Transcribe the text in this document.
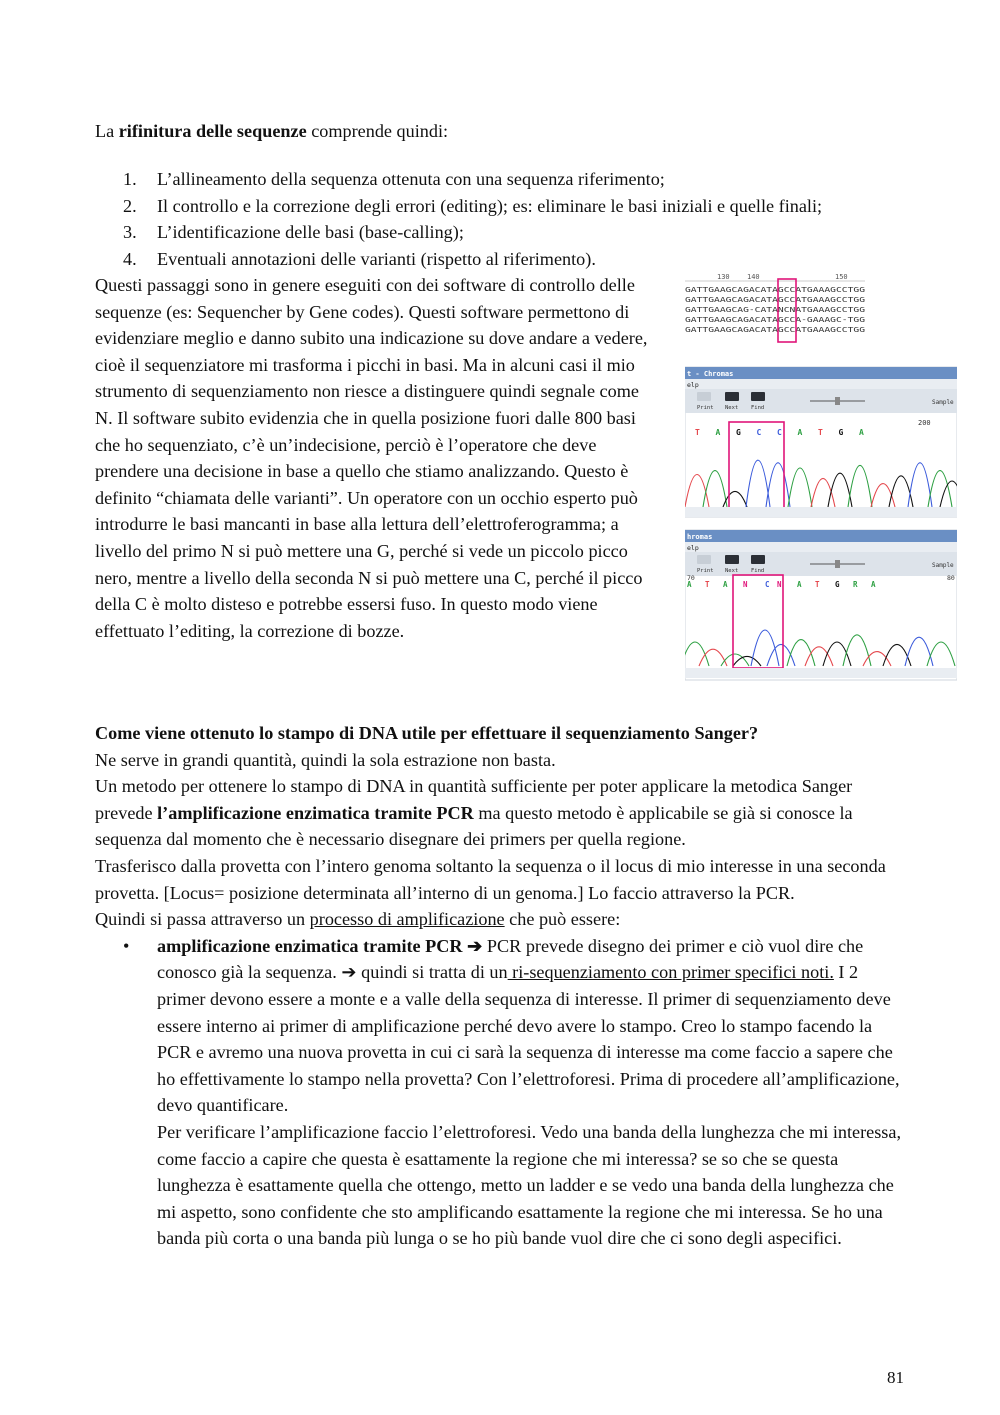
La rifinitura delle sequenze comprende quindi:

1. L’allineamento della sequenza ottenuta con una sequenza riferimento;
2. Il controllo e la correzione degli errori (editing); es: eliminare le basi iniziali e quelle finali;
3. L’identificazione delle basi (base-calling);
4. Eventuali annotazioni delle varianti (rispetto al riferimento).

Questi passaggi sono in genere eseguiti con dei software di controllo delle sequenze (es: Sequencher by Gene codes). Questi software permettono di evidenziare meglio e danno subito una indicazione su dove andare a vedere, cioè il sequenziatore mi trasforma i picchi in basi. Ma in alcuni casi il mio strumento di sequenziamento non riesce a distinguere quindi segnale come N. Il software subito evidenzia che in quella posizione fuori dalle 800 basi che ho sequenziato, c’è un’indecisione, perciò è l’operatore che deve prendere una decisione in base a quello che stiamo analizzando. Questo è definito “chiamata delle varianti”. Un operatore con un occhio esperto può introdurre le basi mancanti in base alla lettura dell’elettroferogramma; a livello del primo N si può mettere una G, perché si vede un piccolo picco nero, mentre a livello della seconda N si può mettere una C, perché il picco della C è molto disteso e potrebbe essersi fuso. In questo modo viene effettuato l’editing, la correzione di bozze.

130 140	150
GATTGAAGCAGACATAGCCATGAAAGCCTGG
GATTGAAGCAGACATAGCCATGAAAGCCTGG
GATTGAAGCAG-CATANCNATGAAAGCCTGG
GATTGAAGCAGACATAGCCA-GAAAGC-TGG
GATTGAAGCAGACATAGCCATGAAAGCCTGG
t - Chromas
elp
Print Next Find
Sample
200
T A G C C A T G A
hromas
elp
Print Next Find
Sample
70	80
A T A N C N A T G R A

Come viene ottenuto lo stampo di DNA utile per effettuare il sequenziamento Sanger?

Ne serve in grandi quantità, quindi la sola estrazione non basta.

Un metodo per ottenere lo stampo di DNA in quantità sufficiente per poter applicare la metodica Sanger prevede l’amplificazione enzimatica tramite PCR ma questo metodo è applicabile se già si conosce la sequenza dal momento che è necessario disegnare dei primers per quella regione.

Trasferisco dalla provetta con l’intero genoma soltanto la sequenza o il locus di mio interesse in una seconda provetta. [Locus= posizione determinata all’interno di un genoma.] Lo faccio attraverso la PCR.

Quindi si passa attraverso un processo di amplificazione che può essere:

• amplificazione enzimatica tramite PCR ➔ PCR prevede disegno dei primer e ciò vuol dire che conosco già la sequenza. ➔ quindi si tratta di un ri-sequenziamento con primer specifici noti. I 2 primer devono essere a monte e a valle della sequenza di interesse. Il primer di sequenziamento deve essere interno ai primer di amplificazione perché devo avere lo stampo. Creo lo stampo facendo la PCR e avremo una nuova provetta in cui ci sarà la sequenza di interesse ma come faccio a sapere che ho effettivamente lo stampo nella provetta? Con l’elettroforesi. Prima di procedere all’amplificazione, devo quantificare.
Per verificare l’amplificazione faccio l’elettroforesi. Vedo una banda della lunghezza che mi interessa, come faccio a capire che questa è esattamente la regione che mi interessa? se so che se questa lunghezza è esattamente quella che ottengo, metto un ladder e se vedo una banda della lunghezza che mi aspetto, sono confidente che sto amplificando esattamente la regione che mi interessa. Se ho una banda più corta o una banda più lunga o se ho più bande vuol dire che ci sono degli aspecifici.
81
